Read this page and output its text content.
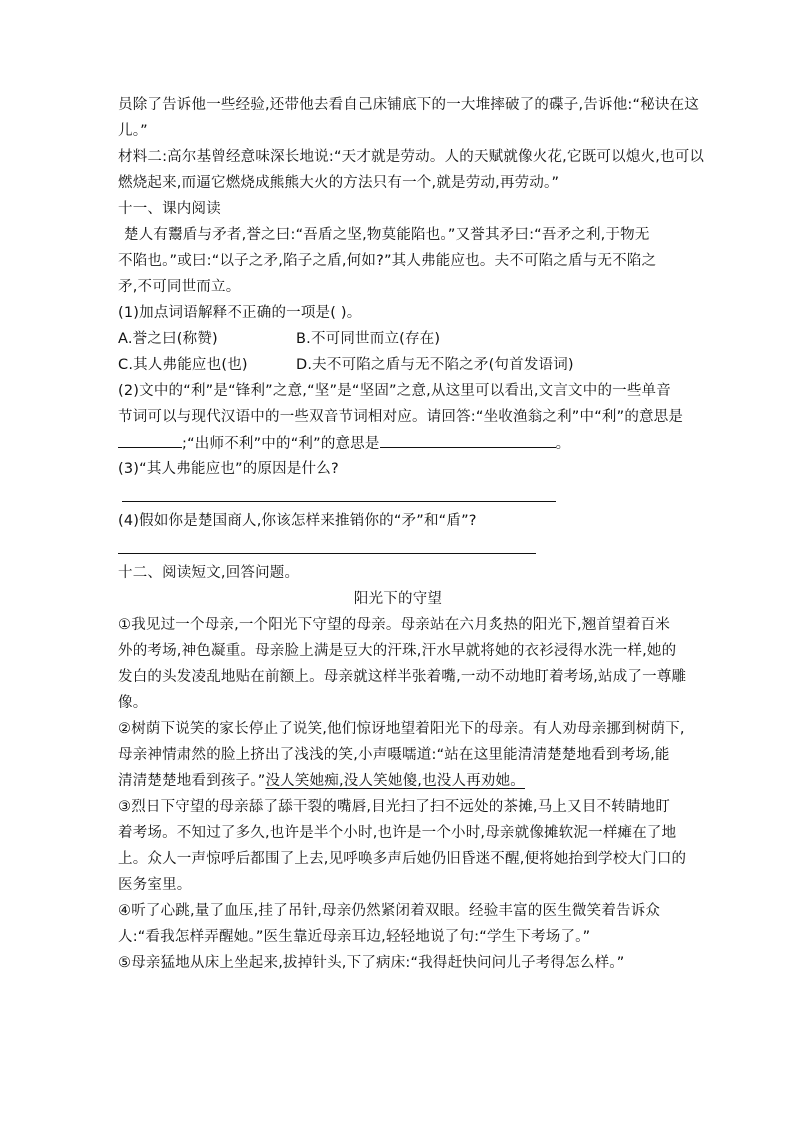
员除了告诉他一些经验,还带他去看自己床铺底下的一大堆摔破了的碟子,告诉他:“秘诀在这
儿。”
材料二:高尔基曾经意味深长地说:“天才就是劳动。人的天赋就像火花,它既可以熄火,也可以
燃烧起来,而逼它燃烧成熊熊大火的方法只有一个,就是劳动,再劳动。”
十一、课内阅读
楚人有鬻盾与矛者,誉之曰:“吾盾之坚,物莫能陷也。”又誉其矛曰:“吾矛之利,于物无
不陷也。”或曰:“以子之矛,陷子之盾,何如?”其人弗能应也。夫不可陷之盾与无不陷之
矛,不可同世而立。
(1)加点词语解释不正确的一项是( )。
A.誉之曰(称赞)	B.不可同世而立(存在)
C.其人弗能应也(也)	D.夫不可陷之盾与无不陷之矛(句首发语词)
(2)文中的“利”是“锋利”之意,“坚”是“坚固”之意,从这里可以看出,文言文中的一些单音
节词可以与现代汉语中的一些双音节词相对应。请回答:“坐收渔翁之利”中“利”的意思是
;“出师不利”中的“利”的意思是	。
(3)“其人弗能应也”的原因是什么?
(4)假如你是楚国商人,你该怎样来推销你的“矛”和“盾”?
十二、阅读短文,回答问题。
阳光下的守望
①我见过一个母亲,一个阳光下守望的母亲。母亲站在六月炙热的阳光下,翘首望着百米
外的考场,神色凝重。母亲脸上满是豆大的汗珠,汗水早就将她的衣衫浸得水洗一样,她的
发白的头发凌乱地贴在前额上。母亲就这样半张着嘴,一动不动地盯着考场,站成了一尊雕
像。
②树荫下说笑的家长停止了说笑,他们惊讶地望着阳光下的母亲。有人劝母亲挪到树荫下,
母亲神情肃然的脸上挤出了浅浅的笑,小声嗫嚅道:“站在这里能清清楚楚地看到考场,能
清清楚楚地看到孩子。”没人笑她痴,没人笑她傻,也没人再劝她。
③烈日下守望的母亲舔了舔干裂的嘴唇,目光扫了扫不远处的茶摊,马上又目不转睛地盯
着考场。不知过了多久,也许是半个小时,也许是一个小时,母亲就像摊软泥一样瘫在了地
上。众人一声惊呼后都围了上去,见呼唤多声后她仍旧昏迷不醒,便将她抬到学校大门口的
医务室里。
④听了心跳,量了血压,挂了吊针,母亲仍然紧闭着双眼。经验丰富的医生微笑着告诉众
人:“看我怎样弄醒她。”医生靠近母亲耳边,轻轻地说了句:“学生下考场了。”
⑤母亲猛地从床上坐起来,拔掉针头,下了病床:“我得赶快问问儿子考得怎么样。”
